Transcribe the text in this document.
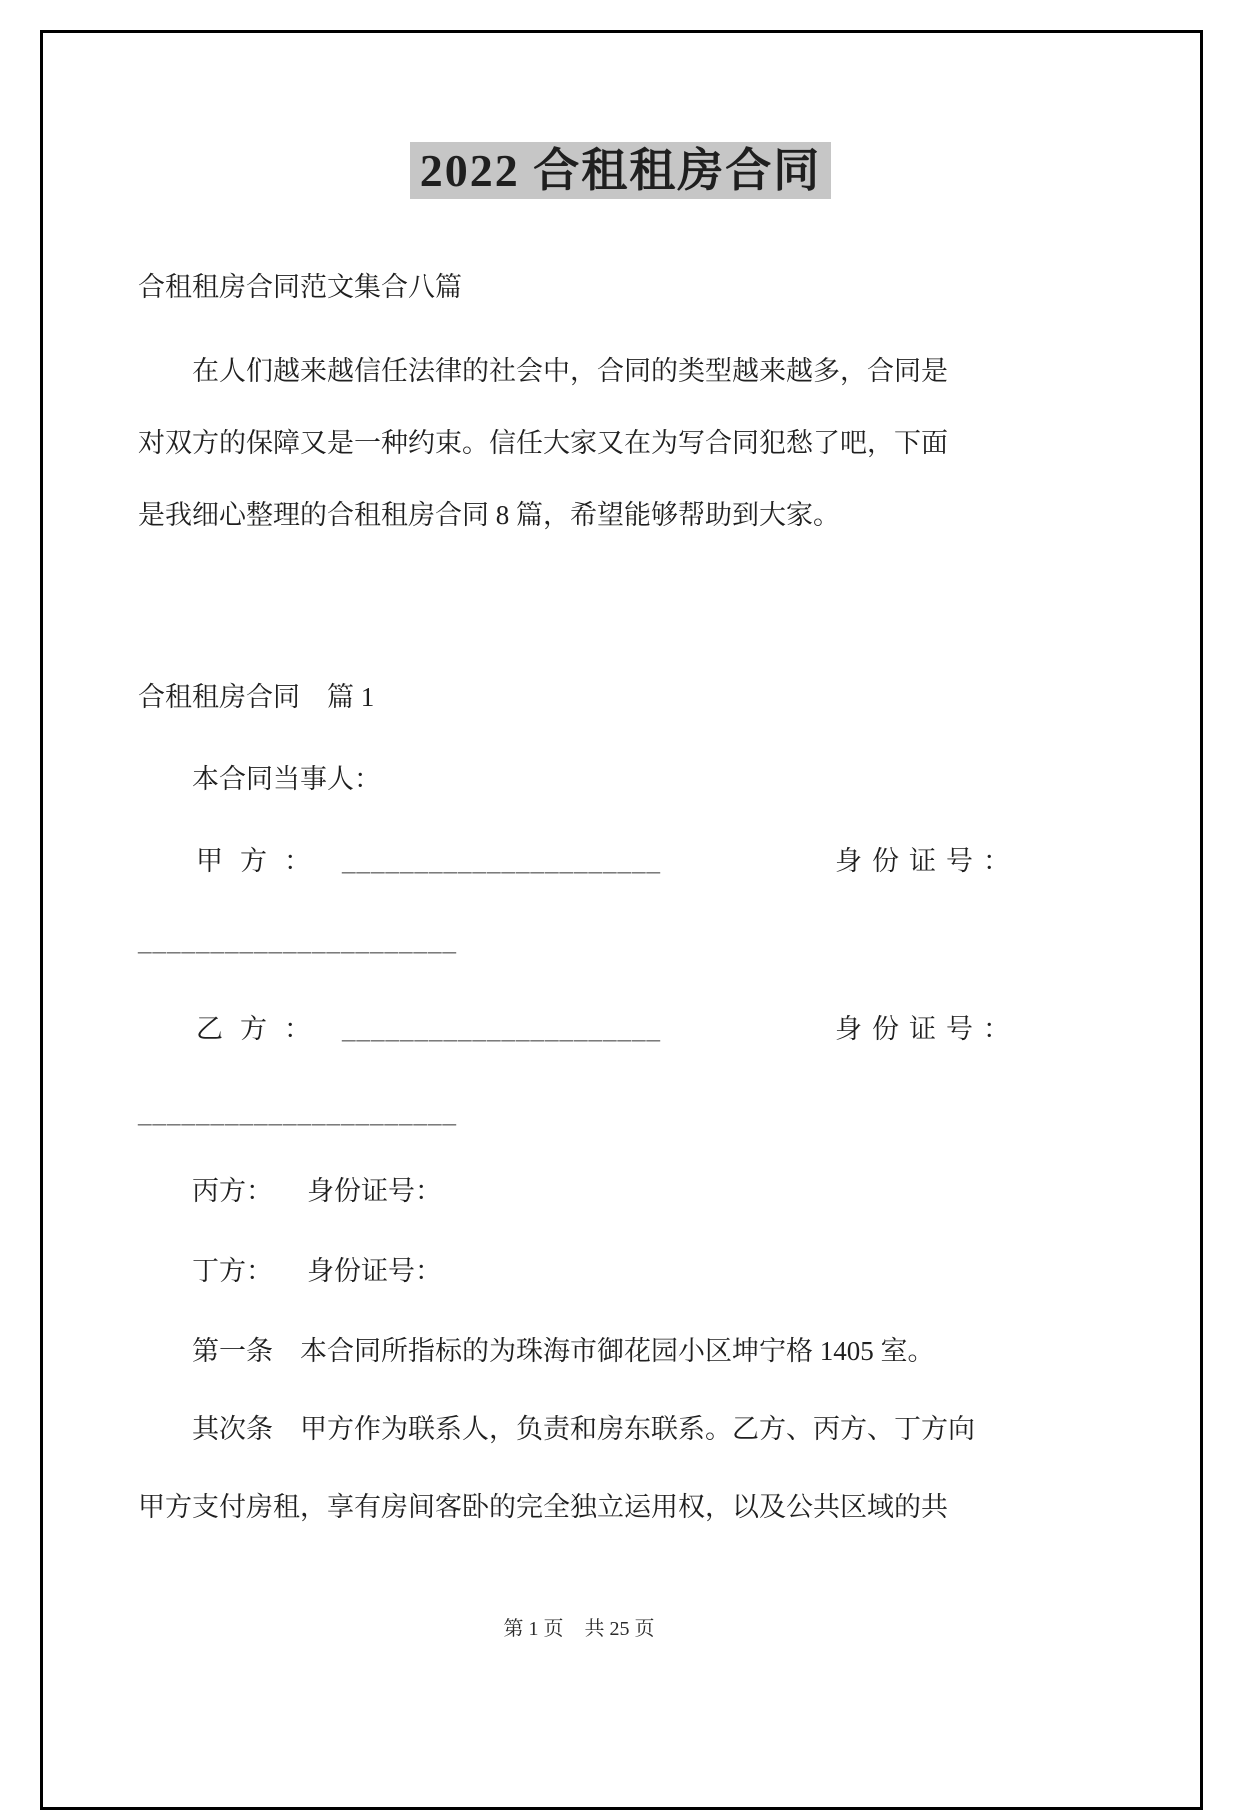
2022 合租租房合同
合租租房合同范文集合八篇
在人们越来越信任法律的社会中，合同的类型越来越多，合同是
对双方的保障又是一种约束。信任大家又在为写合同犯愁了吧，下面
是我细心整理的合租租房合同 8 篇，希望能够帮助到大家。
合租租房合同　篇 1
本合同当事人：
甲方： ______________________	身份证号：
______________________
乙方： ______________________	身份证号：
______________________
丙方： 身份证号：
丁方： 身份证号：
第一条　本合同所指标的为珠海市御花园小区坤宁格 1405 室。
其次条　甲方作为联系人，负责和房东联系。乙方、丙方、丁方向
甲方支付房租，享有房间客卧的完全独立运用权，以及公共区域的共
第 1 页 共 25 页
